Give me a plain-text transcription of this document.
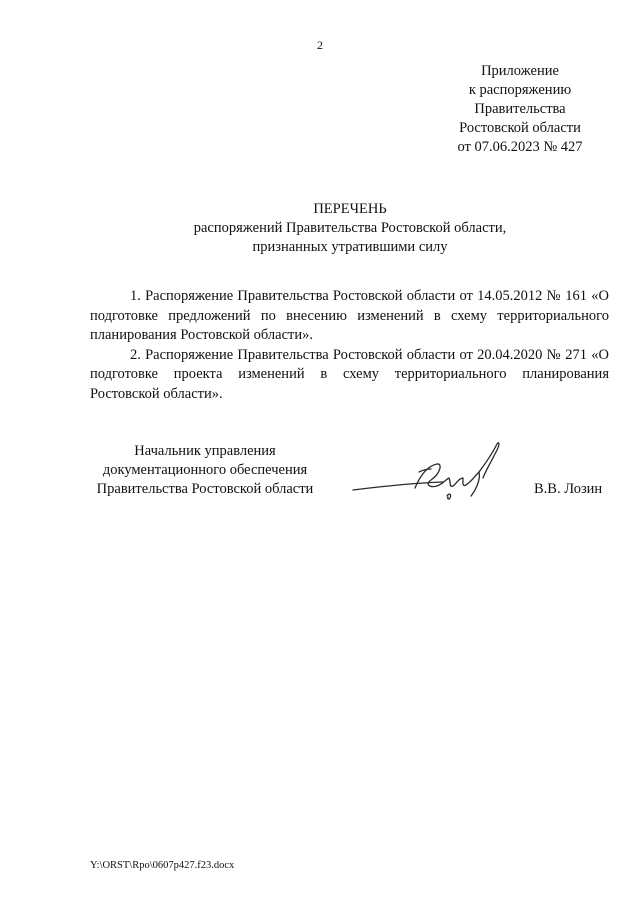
2
Приложение
к распоряжению
Правительства
Ростовской области
от 07.06.2023 № 427
ПЕРЕЧЕНЬ
распоряжений Правительства Ростовской области,
признанных утратившими силу

1. Распоряжение Правительства Ростовской области от 14.05.2012 № 161 «О подготовке предложений по внесению изменений в схему территориального планирования Ростовской области».

2. Распоряжение Правительства Ростовской области от 20.04.2020 № 271 «О подготовке проекта изменений в схему территориального планирования Ростовской области».

Начальник управления
документационного обеспечения
Правительства Ростовской области	В.В. Лозин
Y:\ORST\Rpo\0607p427.f23.docx
